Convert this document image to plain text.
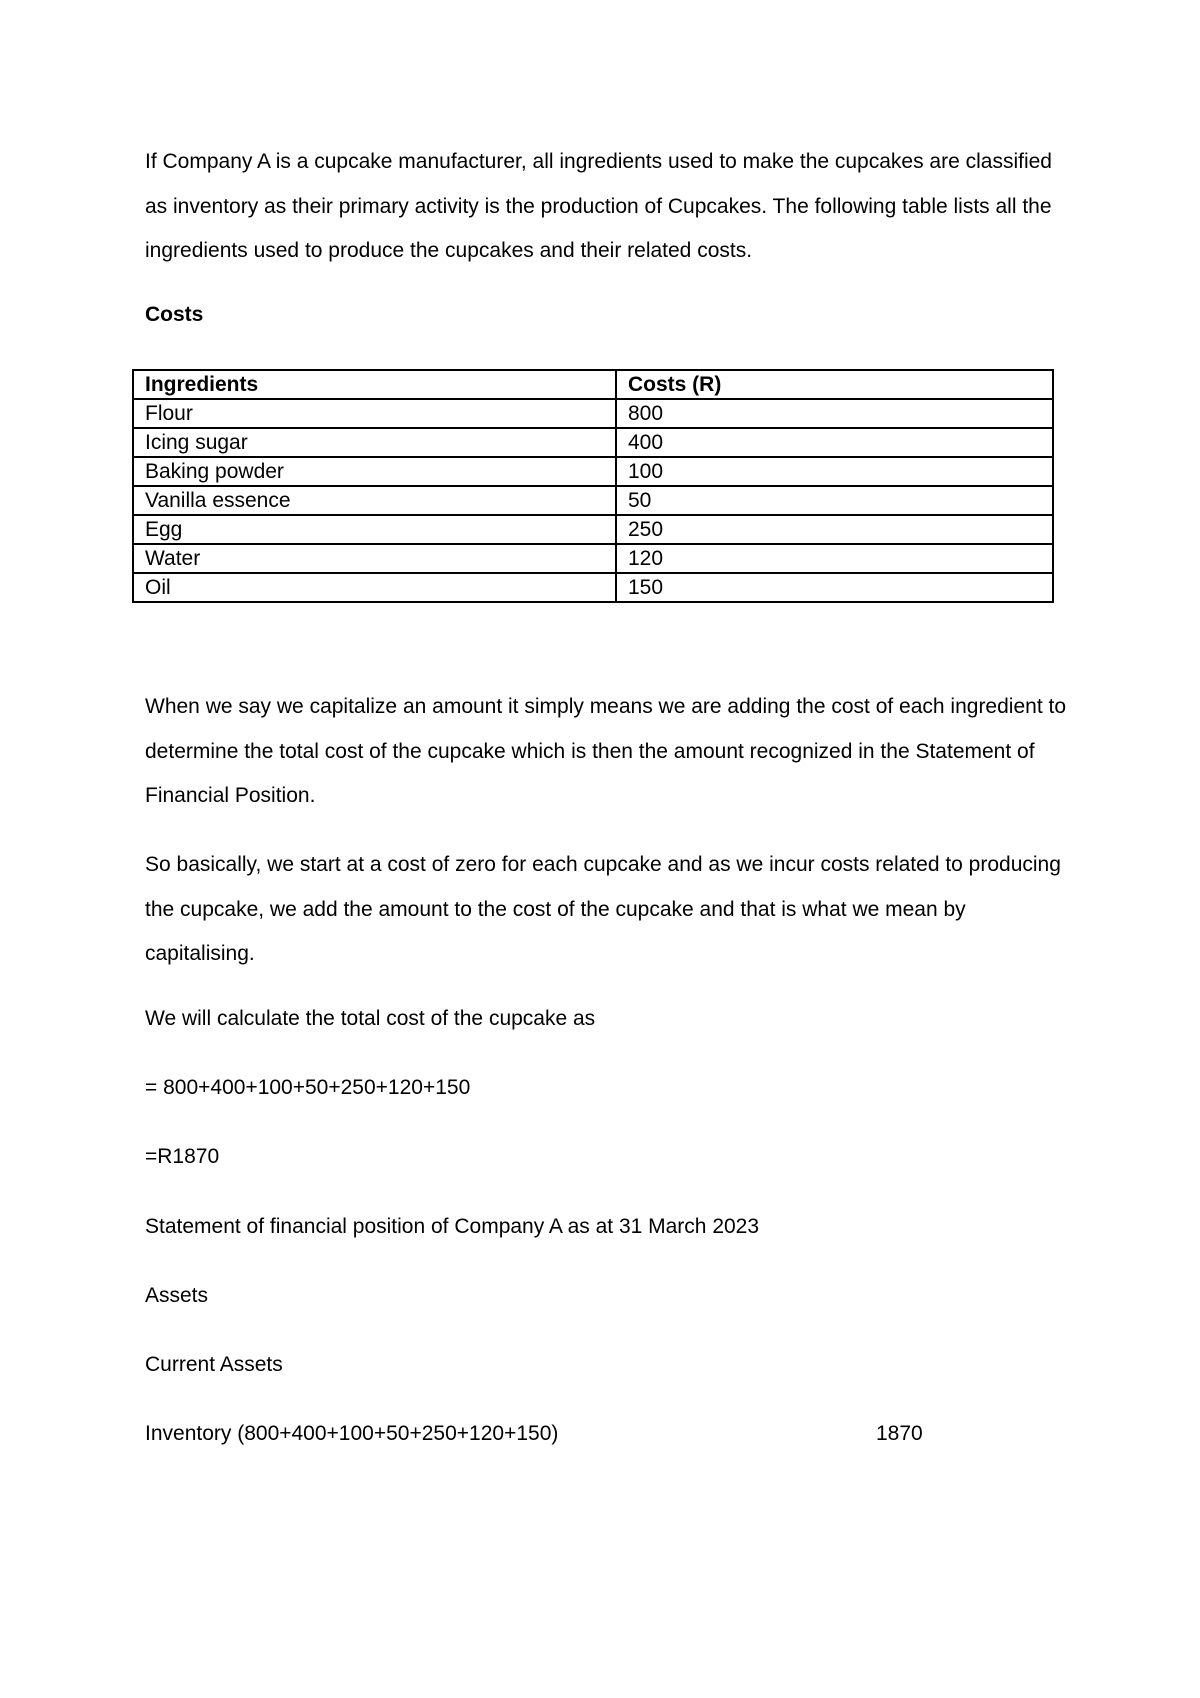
If Company A is a cupcake manufacturer, all ingredients used to make the cupcakes are classified as inventory as their primary activity is the production of Cupcakes. The following table lists all the ingredients used to produce the cupcakes and their related costs.

Costs

Ingredients	Costs (R)
Flour	800
Icing sugar	400
Baking powder	100
Vanilla essence	50
Egg	250
Water	120
Oil	150

When we say we capitalize an amount it simply means we are adding the cost of each ingredient to determine the total cost of the cupcake which is then the amount recognized in the Statement of Financial Position.

So basically, we start at a cost of zero for each cupcake and as we incur costs related to producing the cupcake, we add the amount to the cost of the cupcake and that is what we mean by capitalising.

We will calculate the total cost of the cupcake as

= 800+400+100+50+250+120+150

=R1870

Statement of financial position of Company A as at 31 March 2023

Assets

Current Assets

Inventory (800+400+100+50+250+120+150)	1870
